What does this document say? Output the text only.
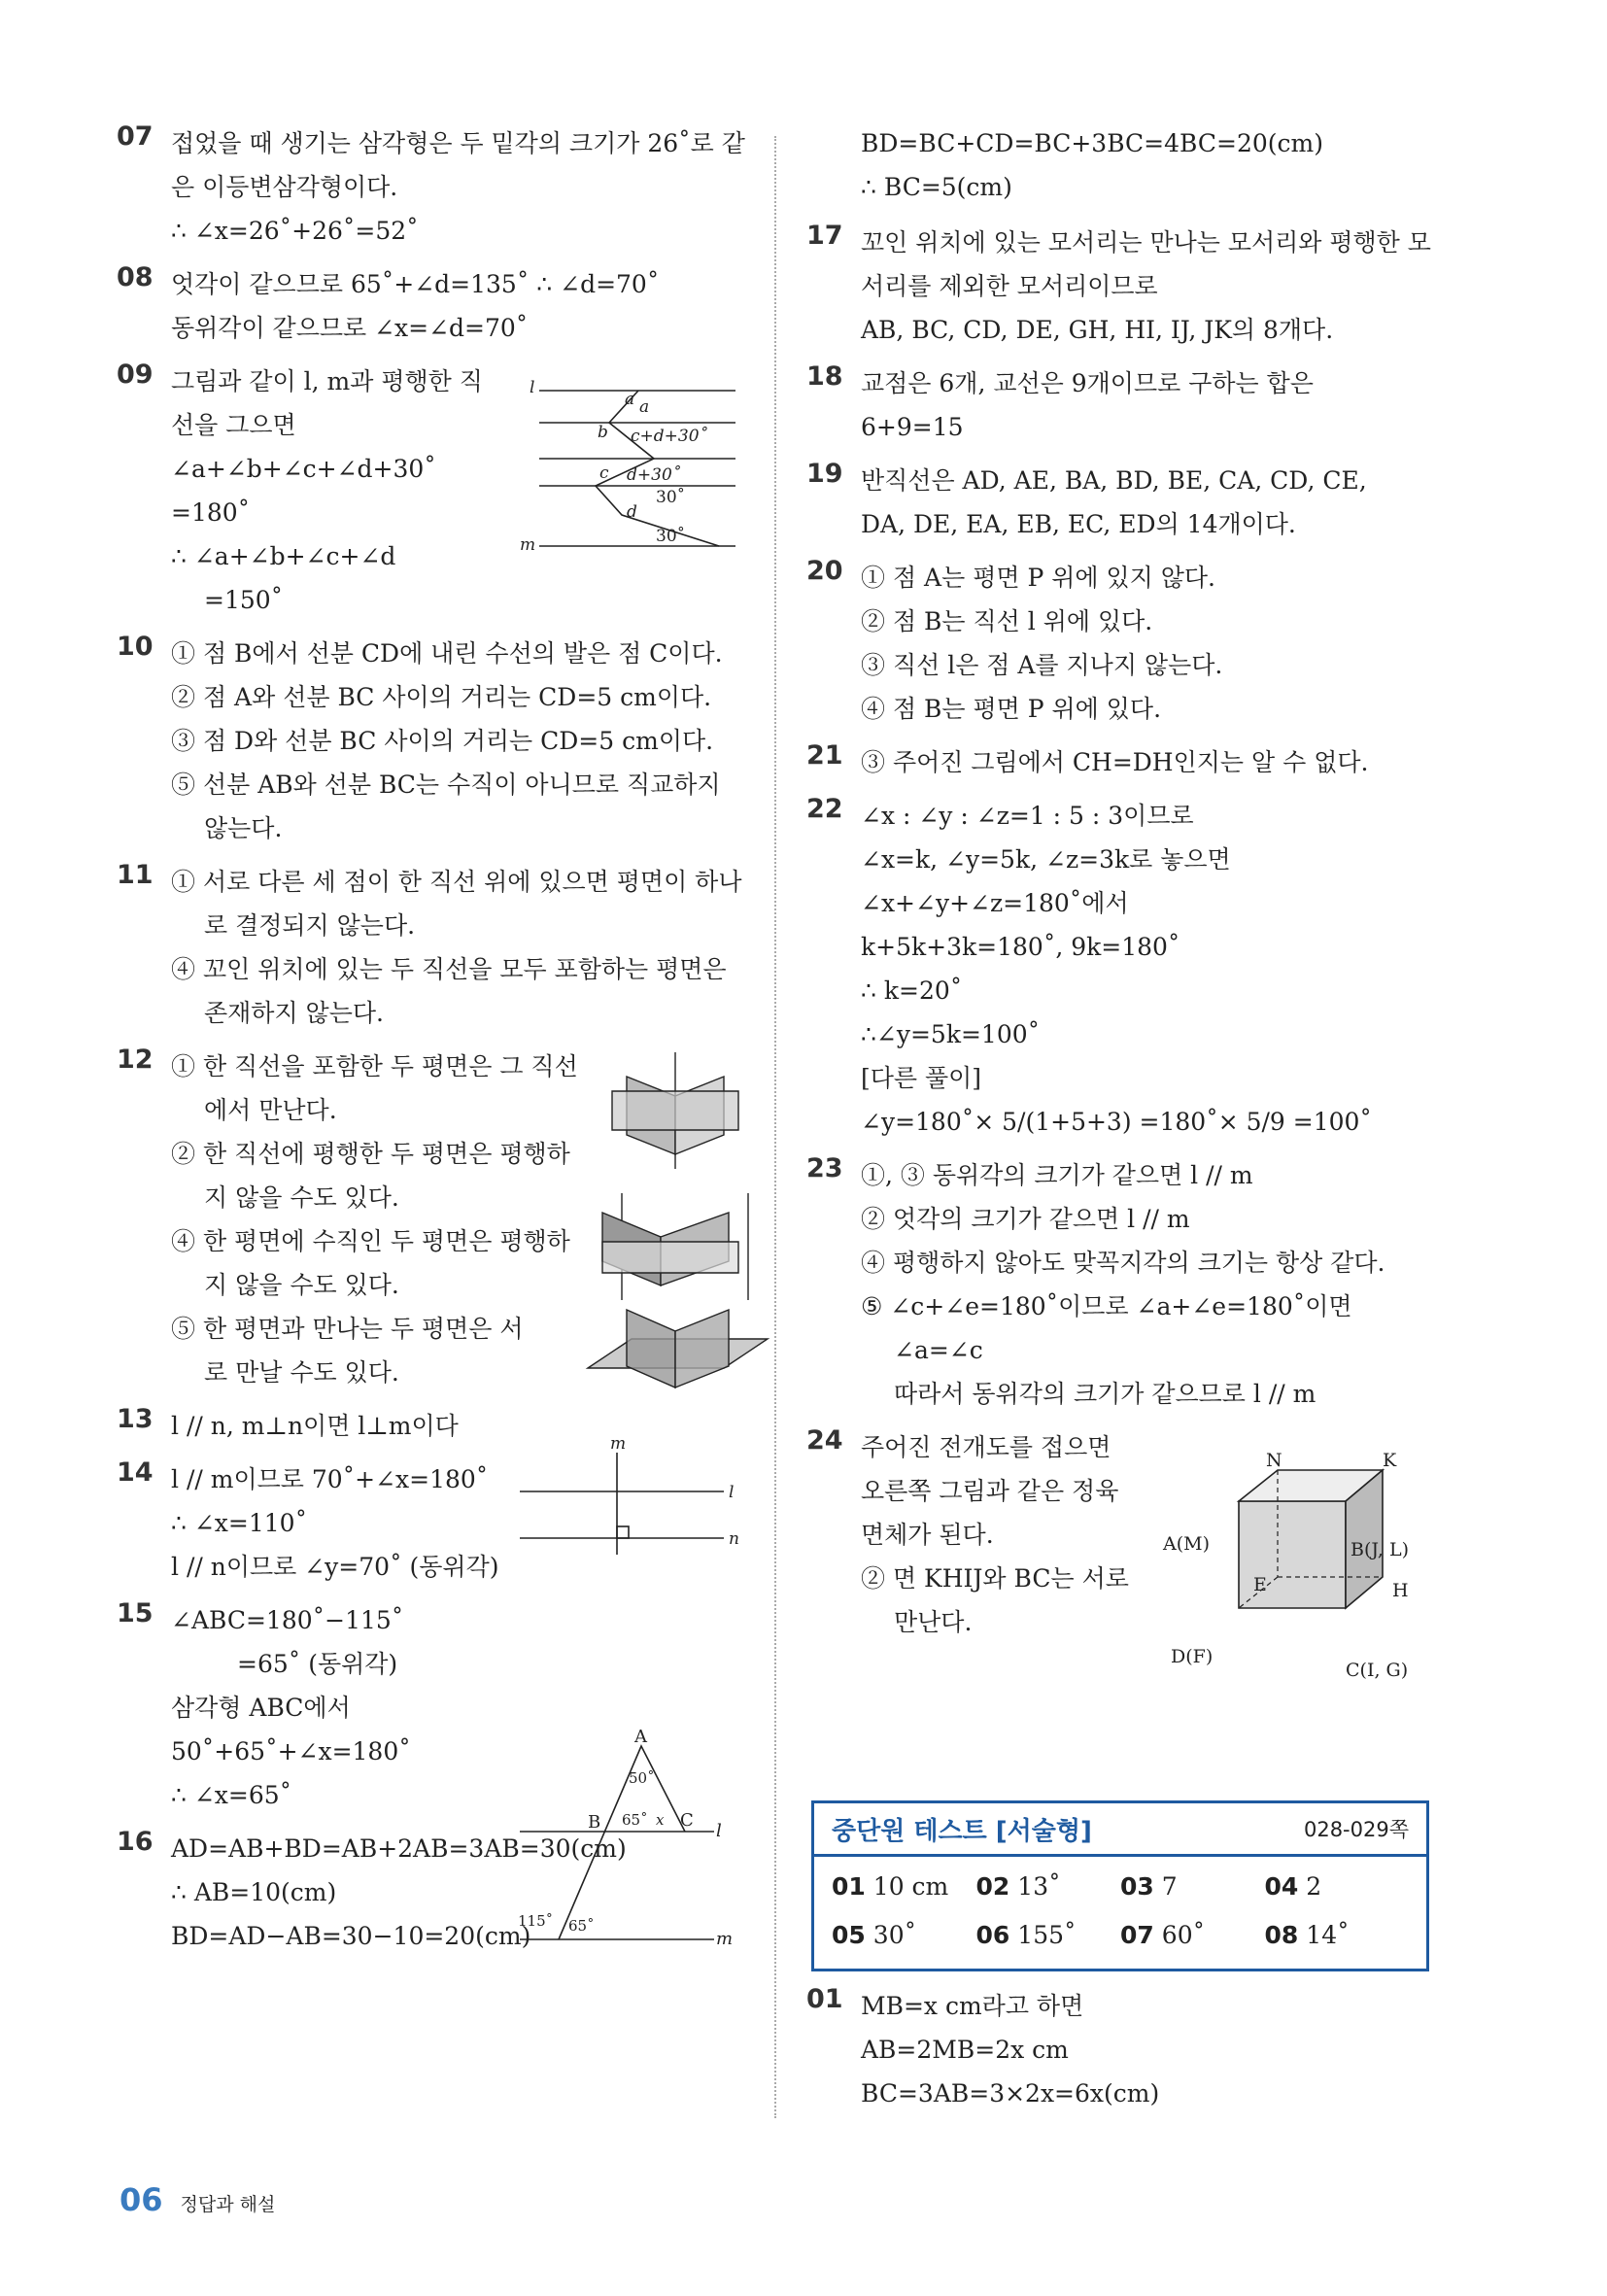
07 접었을 때 생기는 삼각형은 두 밑각의 크기가 26˚로 같
은 이등변삼각형이다.
∴ ∠x=26˚+26˚=52˚
08 엇각이 같으므로 65˚+∠d=135˚ ∴ ∠d=70˚
동위각이 같으므로 ∠x=∠d=70˚
09 그림과 같이 l, m과 평행한 직
선을 그으면
∠a+∠b+∠c+∠d+30˚
=180˚
∴ ∠a+∠b+∠c+∠d
=150˚
10 ① 점 B에서 선분 CD에 내린 수선의 발은 점 C이다.
② 점 A와 선분 BC 사이의 거리는 CD=5 cm이다.
③ 점 D와 선분 BC 사이의 거리는 CD=5 cm이다.
⑤ 선분 AB와 선분 BC는 수직이 아니므로 직교하지
않는다.
11 ① 서로 다른 세 점이 한 직선 위에 있으면 평면이 하나
로 결정되지 않는다.
④ 꼬인 위치에 있는 두 직선을 모두 포함하는 평면은
존재하지 않는다.
12 ① 한 직선을 포함한 두 평면은 그 직선
에서 만난다.
② 한 직선에 평행한 두 평면은 평행하
지 않을 수도 있다.
④ 한 평면에 수직인 두 평면은 평행하
지 않을 수도 있다.
⑤ 한 평면과 만나는 두 평면은 서
로 만날 수도 있다.
13 l // n, m⊥n이면 l⊥m이다
14 l // m이므로 70˚+∠x=180˚
∴ ∠x=110˚
l // n이므로 ∠y=70˚ (동위각)
15 ∠ABC=180˚−115˚
=65˚ (동위각)
삼각형 ABC에서
50˚+65˚+∠x=180˚
∴ ∠x=65˚
16 AD=AB+BD=AB+2AB=3AB=30(cm)
∴ AB=10(cm)
BD=AD−AB=30−10=20(cm)
BD=BC+CD=BC+3BC=4BC=20(cm)
∴ BC=5(cm)
17 꼬인 위치에 있는 모서리는 만나는 모서리와 평행한 모
서리를 제외한 모서리이므로
AB, BC, CD, DE, GH, HI, IJ, JK의 8개다.
18 교점은 6개, 교선은 9개이므로 구하는 합은
6+9=15
19 반직선은 AD, AE, BA, BD, BE, CA, CD, CE,
DA, DE, EA, EB, EC, ED의 14개이다.
20 ① 점 A는 평면 P 위에 있지 않다.
② 점 B는 직선 l 위에 있다.
③ 직선 l은 점 A를 지나지 않는다.
④ 점 B는 평면 P 위에 있다.
21 ③ 주어진 그림에서 CH=DH인지는 알 수 없다.
22 ∠x : ∠y : ∠z=1 : 5 : 3이므로
∠x=k, ∠y=5k, ∠z=3k로 놓으면
∠x+∠y+∠z=180˚에서
k+5k+3k=180˚, 9k=180˚
∴ k=20˚
∴∠y=5k=100˚
[다른 풀이]
∠y=180˚× 5/(1+5+3) =180˚× 5/9 =100˚
23 ①, ③ 동위각의 크기가 같으면 l // m
② 엇각의 크기가 같으면 l // m
④ 평행하지 않아도 맞꼭지각의 크기는 항상 같다.
⑤ ∠c+∠e=180˚이므로 ∠a+∠e=180˚이면
∠a=∠c
따라서 동위각의 크기가 같으므로 l // m
24 주어진 전개도를 접으면
오른쪽 그림과 같은 정육
면체가 된다.
② 면 KHIJ와 BC는 서로
만난다.
l
a a
b c+d+30˚
c d+30˚
d
30˚
30˚
m
m
l
n
A
50˚
B 65˚ x C
l
115˚ 65˚
m
N	K
A(M)	B(J, L)
E	H
D(F)
C(I, G)
중단원 테스트 [서술형]	028-029쪽
01 10 cm	02 13˚	03 7	04 2
05 30˚	06 155˚	07 60˚	08 14˚
01 MB=x cm라고 하면
AB=2MB=2x cm
BC=3AB=3×2x=6x(cm)
06 정답과 해설
